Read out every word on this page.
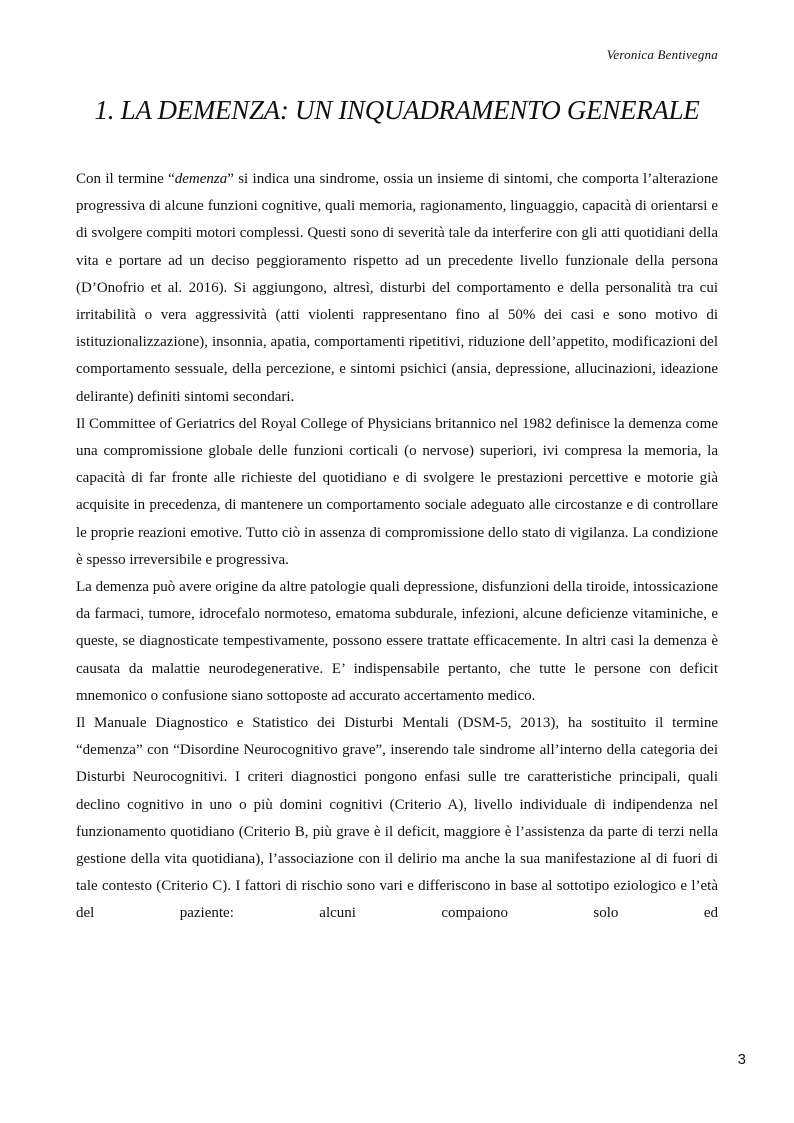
Veronica Bentivegna
1. LA DEMENZA: UN INQUADRAMENTO GENERALE

Con il termine “demenza” si indica una sindrome, ossia un insieme di sintomi, che comporta l’alterazione progressiva di alcune funzioni cognitive, quali memoria, ragionamento, linguaggio, capacità di orientarsi e di svolgere compiti motori complessi. Questi sono di severità tale da interferire con gli atti quotidiani della vita e portare ad un deciso peggioramento rispetto ad un precedente livello funzionale della persona (D’Onofrio et al. 2016). Si aggiungono, altresì, disturbi del comportamento e della personalità tra cui irritabilità o vera aggressività (atti violenti rappresentano fino al 50% dei casi e sono motivo di istituzionalizzazione), insonnia, apatia, comportamenti ripetitivi, riduzione dell’appetito, modificazioni del comportamento sessuale, della percezione, e sintomi psichici (ansia, depressione, allucinazioni, ideazione delirante) definiti sintomi secondari.

Il Committee of Geriatrics del Royal College of Physicians britannico nel 1982 definisce la demenza come una compromissione globale delle funzioni corticali (o nervose) superiori, ivi compresa la memoria, la capacità di far fronte alle richieste del quotidiano e di svolgere le prestazioni percettive e motorie già acquisite in precedenza, di mantenere un comportamento sociale adeguato alle circostanze e di controllare le proprie reazioni emotive. Tutto ciò in assenza di compromissione dello stato di vigilanza. La condizione è spesso irreversibile e progressiva.

La demenza può avere origine da altre patologie quali depressione, disfunzioni della tiroide, intossicazione da farmaci, tumore, idrocefalo normoteso, ematoma subdurale, infezioni, alcune deficienze vitaminiche, e queste, se diagnosticate tempestivamente, possono essere trattate efficacemente. In altri casi la demenza è causata da malattie neurodegenerative. E’ indispensabile pertanto, che tutte le persone con deficit mnemonico o confusione siano sottoposte ad accurato accertamento medico.

Il Manuale Diagnostico e Statistico dei Disturbi Mentali (DSM-5, 2013), ha sostituito il termine “demenza” con “Disordine Neurocognitivo grave”, inserendo tale sindrome all’interno della categoria dei Disturbi Neurocognitivi. I criteri diagnostici pongono enfasi sulle tre caratteristiche principali, quali declino cognitivo in uno o più domini cognitivi (Criterio A), livello individuale di indipendenza nel funzionamento quotidiano (Criterio B, più grave è il deficit, maggiore è l’assistenza da parte di terzi nella gestione della vita quotidiana), l’associazione con il delirio ma anche la sua manifestazione al di fuori di tale contesto (Criterio C). I fattori di rischio sono vari e differiscono in base al sottotipo eziologico e l’età del paziente: alcuni compaiono solo ed

3
